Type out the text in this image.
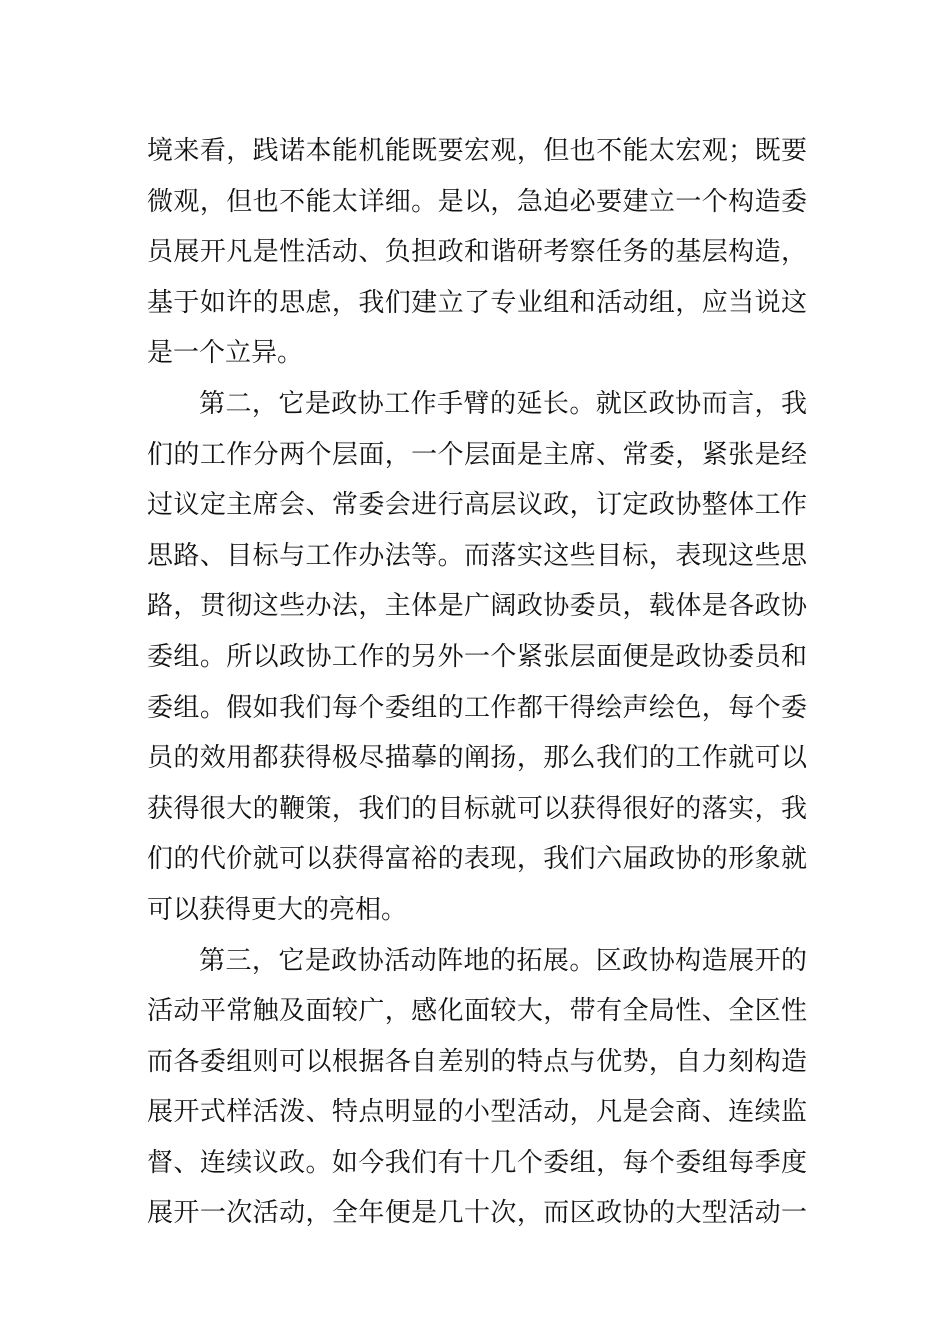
境来看，践诺本能机能既要宏观，但也不能太宏观；既要
微观，但也不能太详细。是以，急迫必要建立一个构造委
员展开凡是性活动、负担政和谐研考察任务的基层构造，
基于如许的思虑，我们建立了专业组和活动组，应当说这
是一个立异。
第二，它是政协工作手臂的延长。就区政协而言，我
们的工作分两个层面，一个层面是主席、常委，紧张是经
过议定主席会、常委会进行高层议政，订定政协整体工作
思路、目标与工作办法等。而落实这些目标，表现这些思
路，贯彻这些办法，主体是广阔政协委员，载体是各政协
委组。所以政协工作的另外一个紧张层面便是政协委员和
委组。假如我们每个委组的工作都干得绘声绘色，每个委
员的效用都获得极尽描摹的阐扬，那么我们的工作就可以
获得很大的鞭策，我们的目标就可以获得很好的落实，我
们的代价就可以获得富裕的表现，我们六届政协的形象就
可以获得更大的亮相。
第三，它是政协活动阵地的拓展。区政协构造展开的
活动平常触及面较广，感化面较大，带有全局性、全区性
而各委组则可以根据各自差别的特点与优势，自力刻构造
展开式样活泼、特点明显的小型活动，凡是会商、连续监
督、连续议政。如今我们有十几个委组，每个委组每季度
展开一次活动，全年便是几十次，而区政协的大型活动一
